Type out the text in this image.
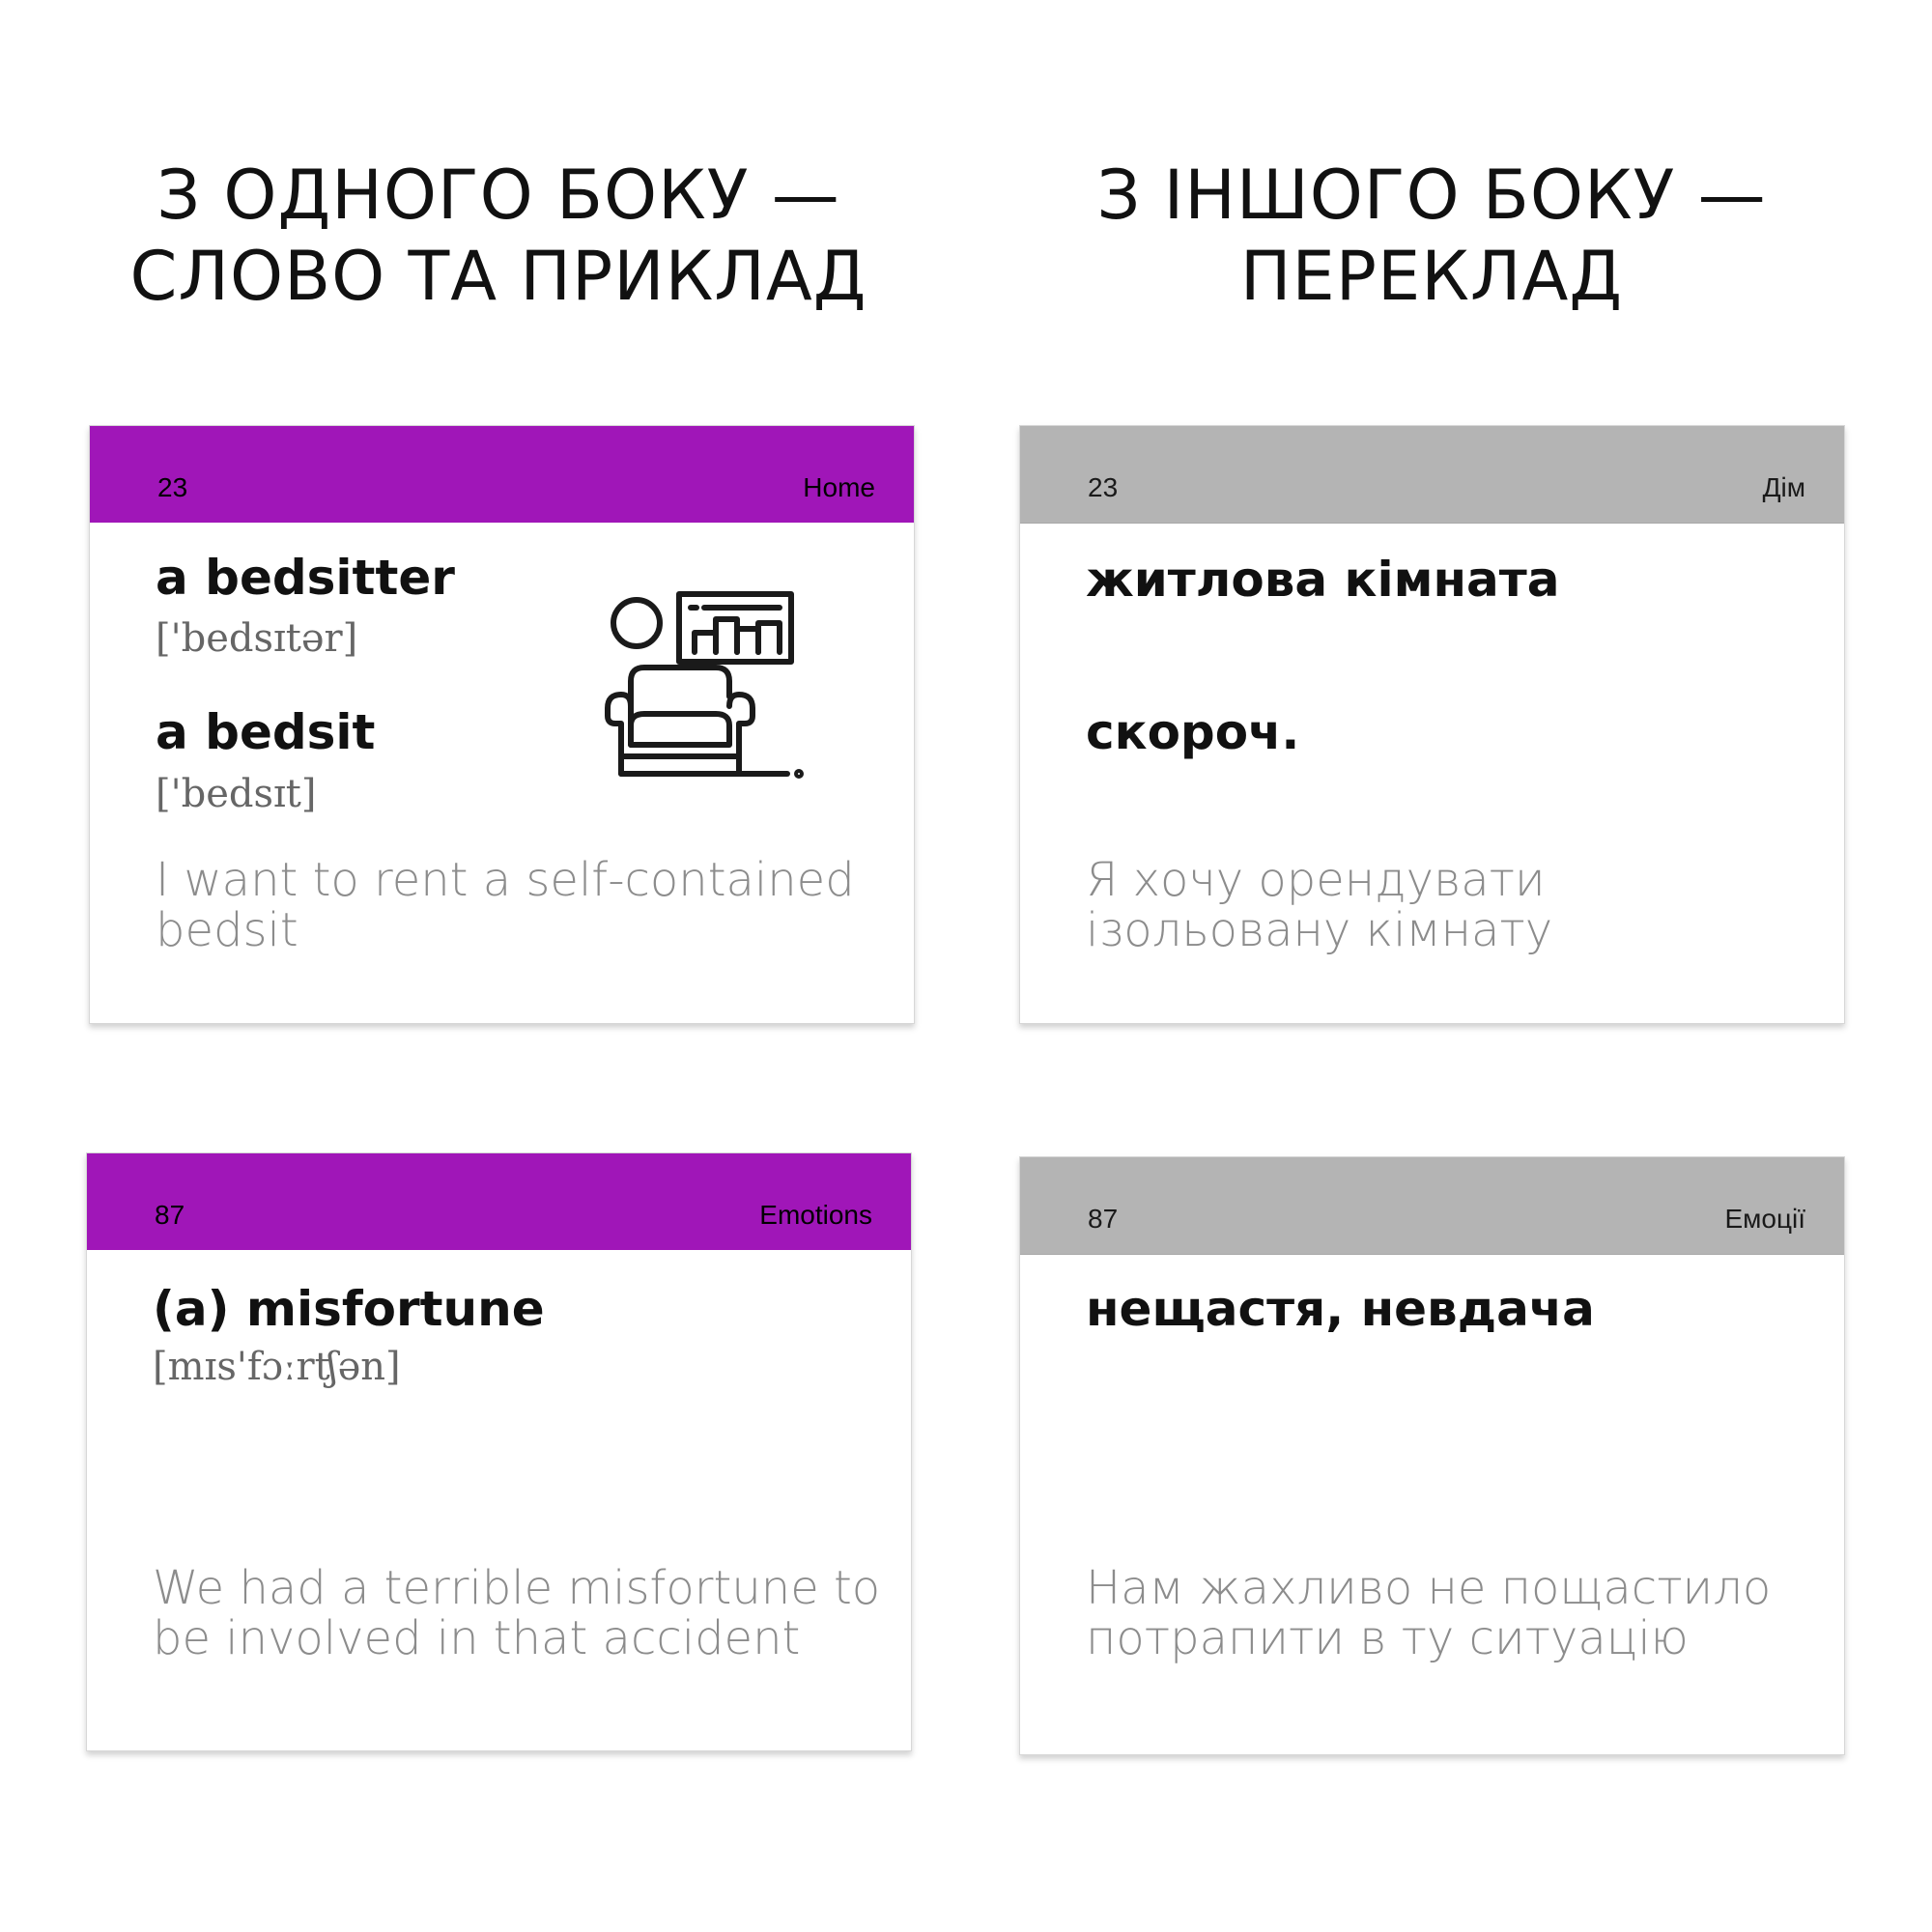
З ОДНОГО БОКУ —
СЛОВО ТА ПРИКЛАД
З ІНШОГО БОКУ —
ПЕРЕКЛАД
23	Home
a bedsitter
['bedsɪtər]
a bedsit
['bedsɪt]
I want to rent a self-contained bedsit
23	Дім
житлова кімната
скороч.
Я хочу орендувати ізольовану кімнату
87	Emotions
(a) misfortune
[mɪs'fɔːrʧən]
We had a terrible misfortune to be involved in that accident
87	Емоції
нещастя, невдача
Нам жахливо не пощастило потрапити в ту ситуацію
